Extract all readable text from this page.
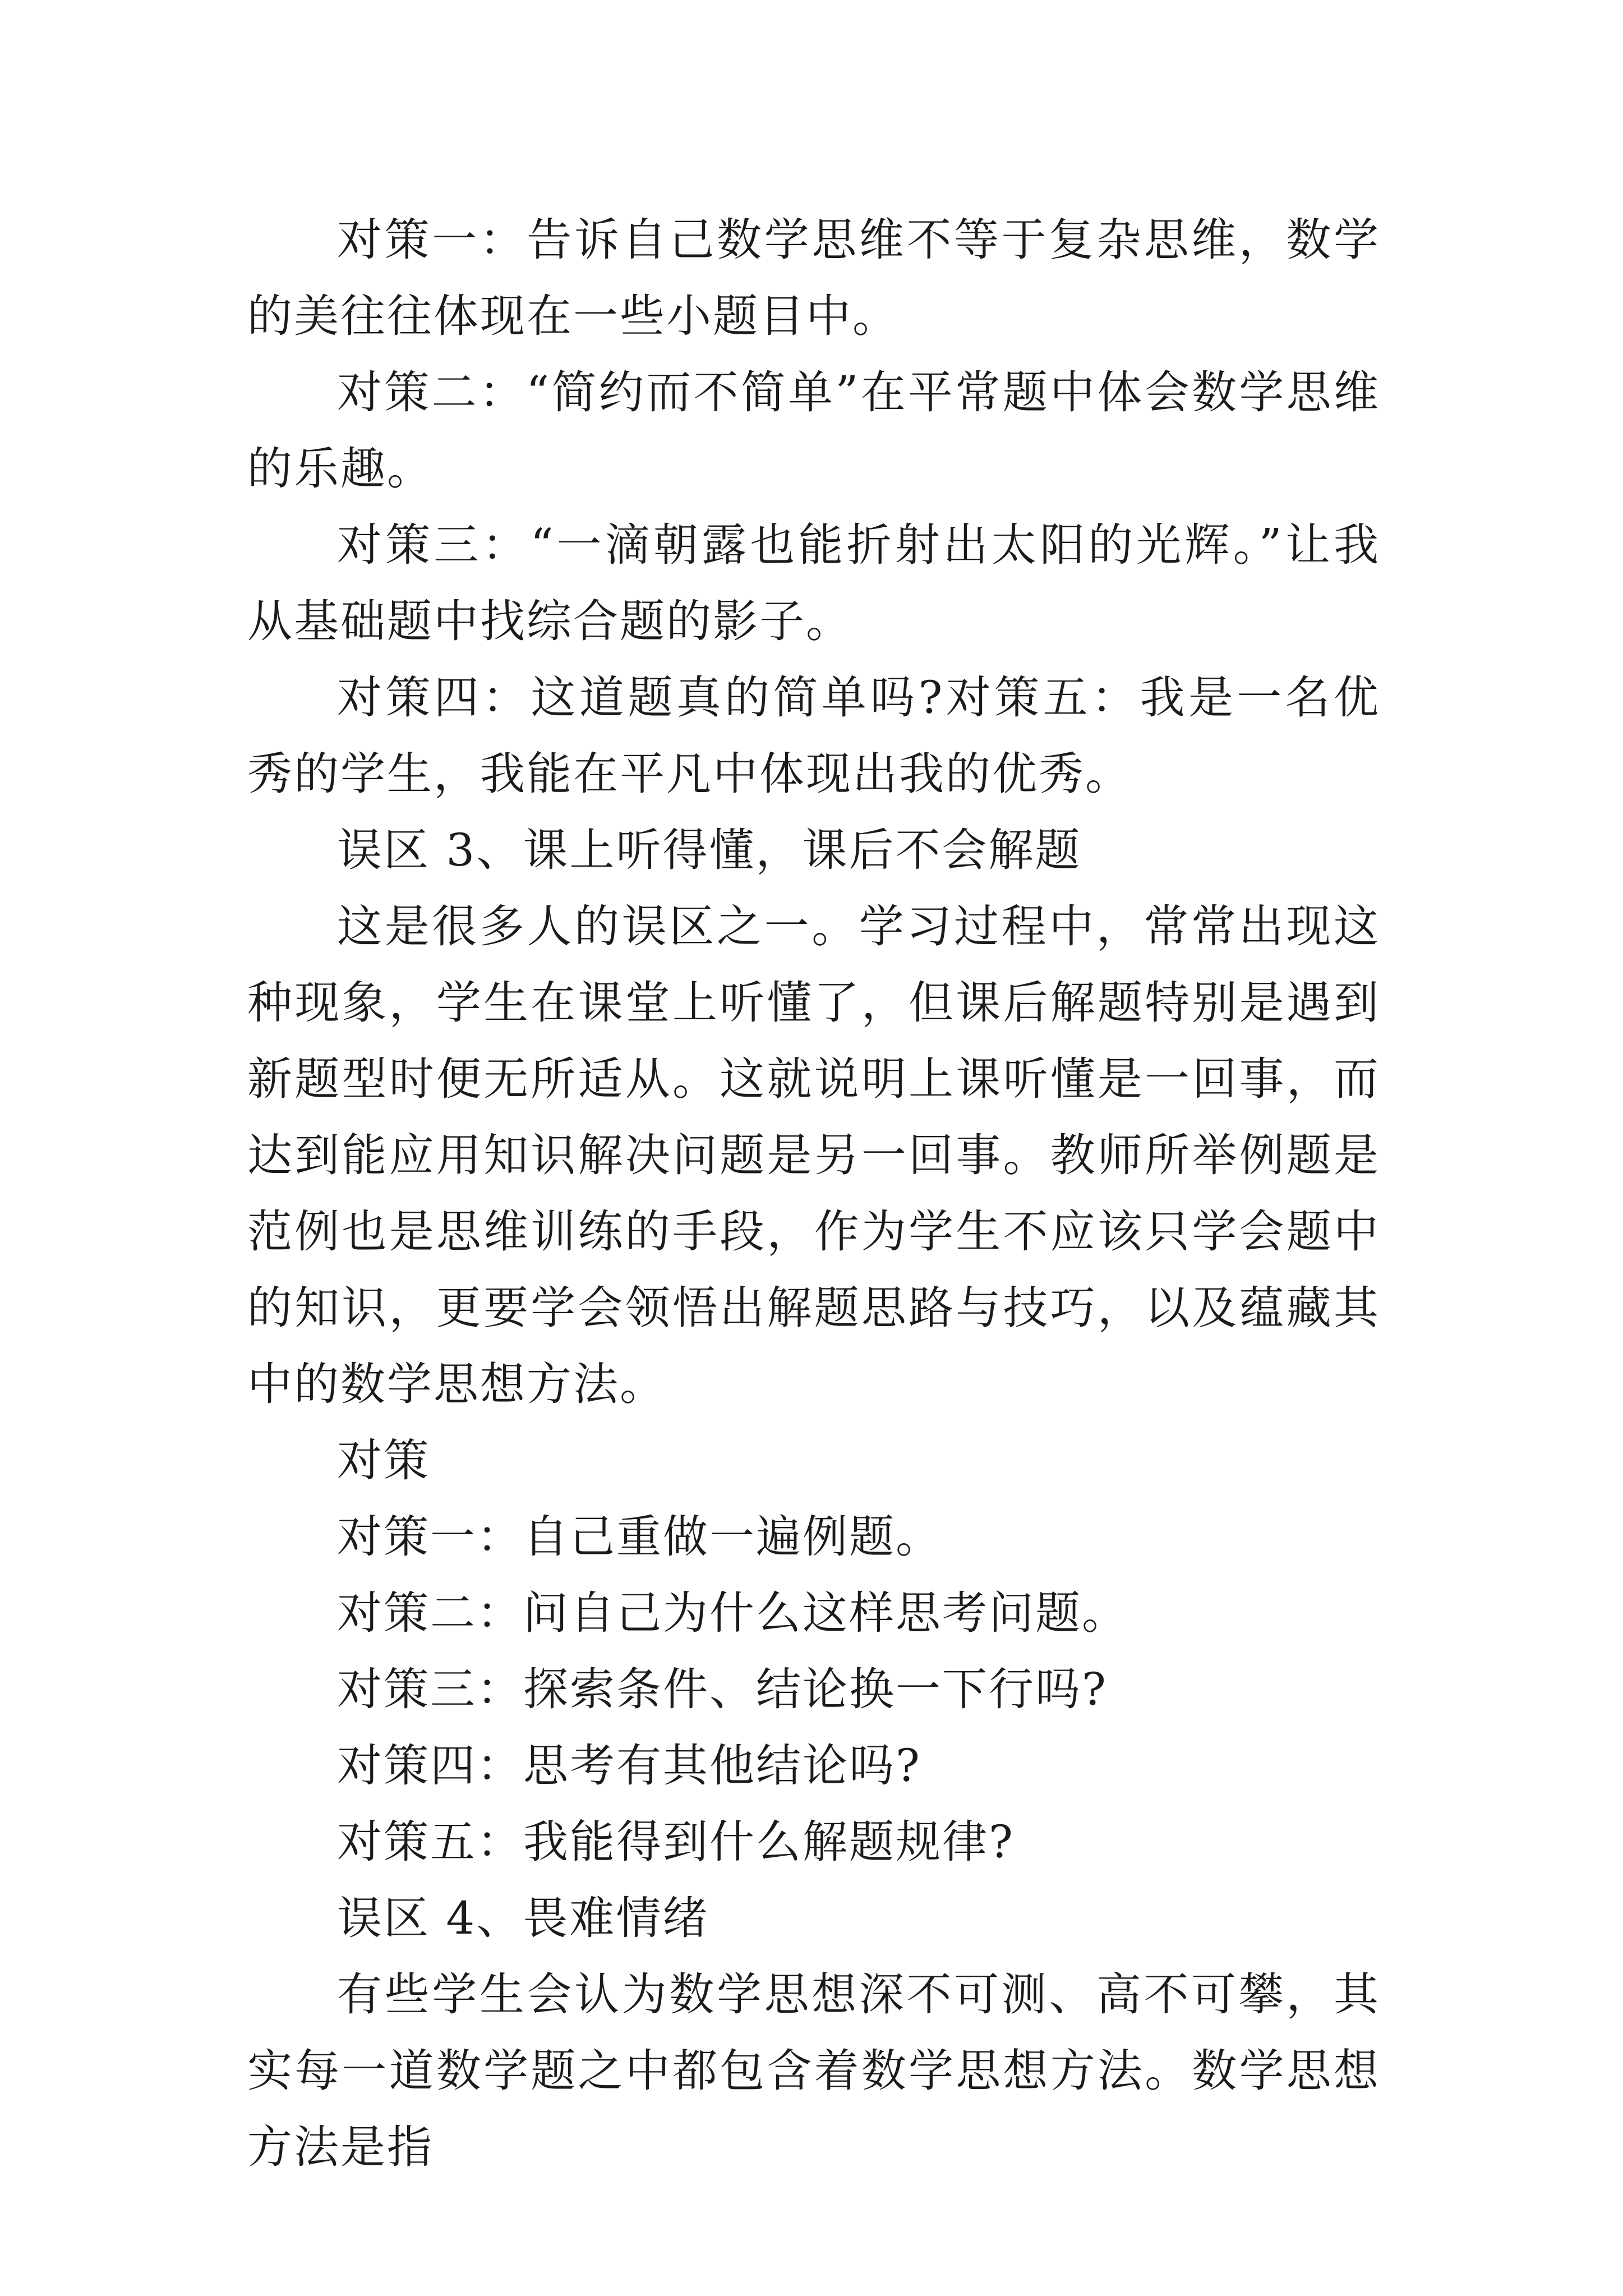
对策一：告诉自己数学思维不等于复杂思维，数学的美往往体现在一些小题目中。

对策二：“简约而不简单”在平常题中体会数学思维的乐趣。

对策三：“一滴朝露也能折射出太阳的光辉。”让我从基础题中找综合题的影子。

对策四：这道题真的简单吗?对策五：我是一名优秀的学生，我能在平凡中体现出我的优秀。

误区 3、课上听得懂，课后不会解题

这是很多人的误区之一。学习过程中，常常出现这种现象，学生在课堂上听懂了，但课后解题特别是遇到新题型时便无所适从。这就说明上课听懂是一回事，而达到能应用知识解决问题是另一回事。教师所举例题是范例也是思维训练的手段，作为学生不应该只学会题中的知识，更要学会领悟出解题思路与技巧，以及蕴藏其中的数学思想方法。

对策

对策一：自己重做一遍例题。

对策二：问自己为什么这样思考问题。

对策三：探索条件、结论换一下行吗?

对策四：思考有其他结论吗?

对策五：我能得到什么解题规律?

误区 4、畏难情绪

有些学生会认为数学思想深不可测、高不可攀，其实每一道数学题之中都包含着数学思想方法。数学思想方法是指
